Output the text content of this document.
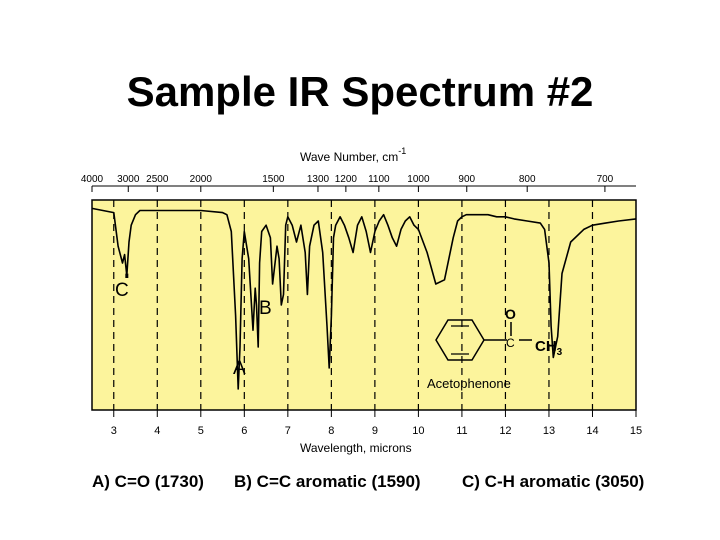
Sample IR Spectrum #2
4000 3000 2500 2000	1500 1300 1200 1100 1000	900	800	700
3	4	5	6	7	8	9	10	11	12	13	14	15
Wave Number, $cm^{-1}$
Wavelength, microns
O
C $CH_3$
Acetophenone
A
B
C
A) C=O (1730) B) C=C aromatic (1590) C) C-H aromatic (3050)
